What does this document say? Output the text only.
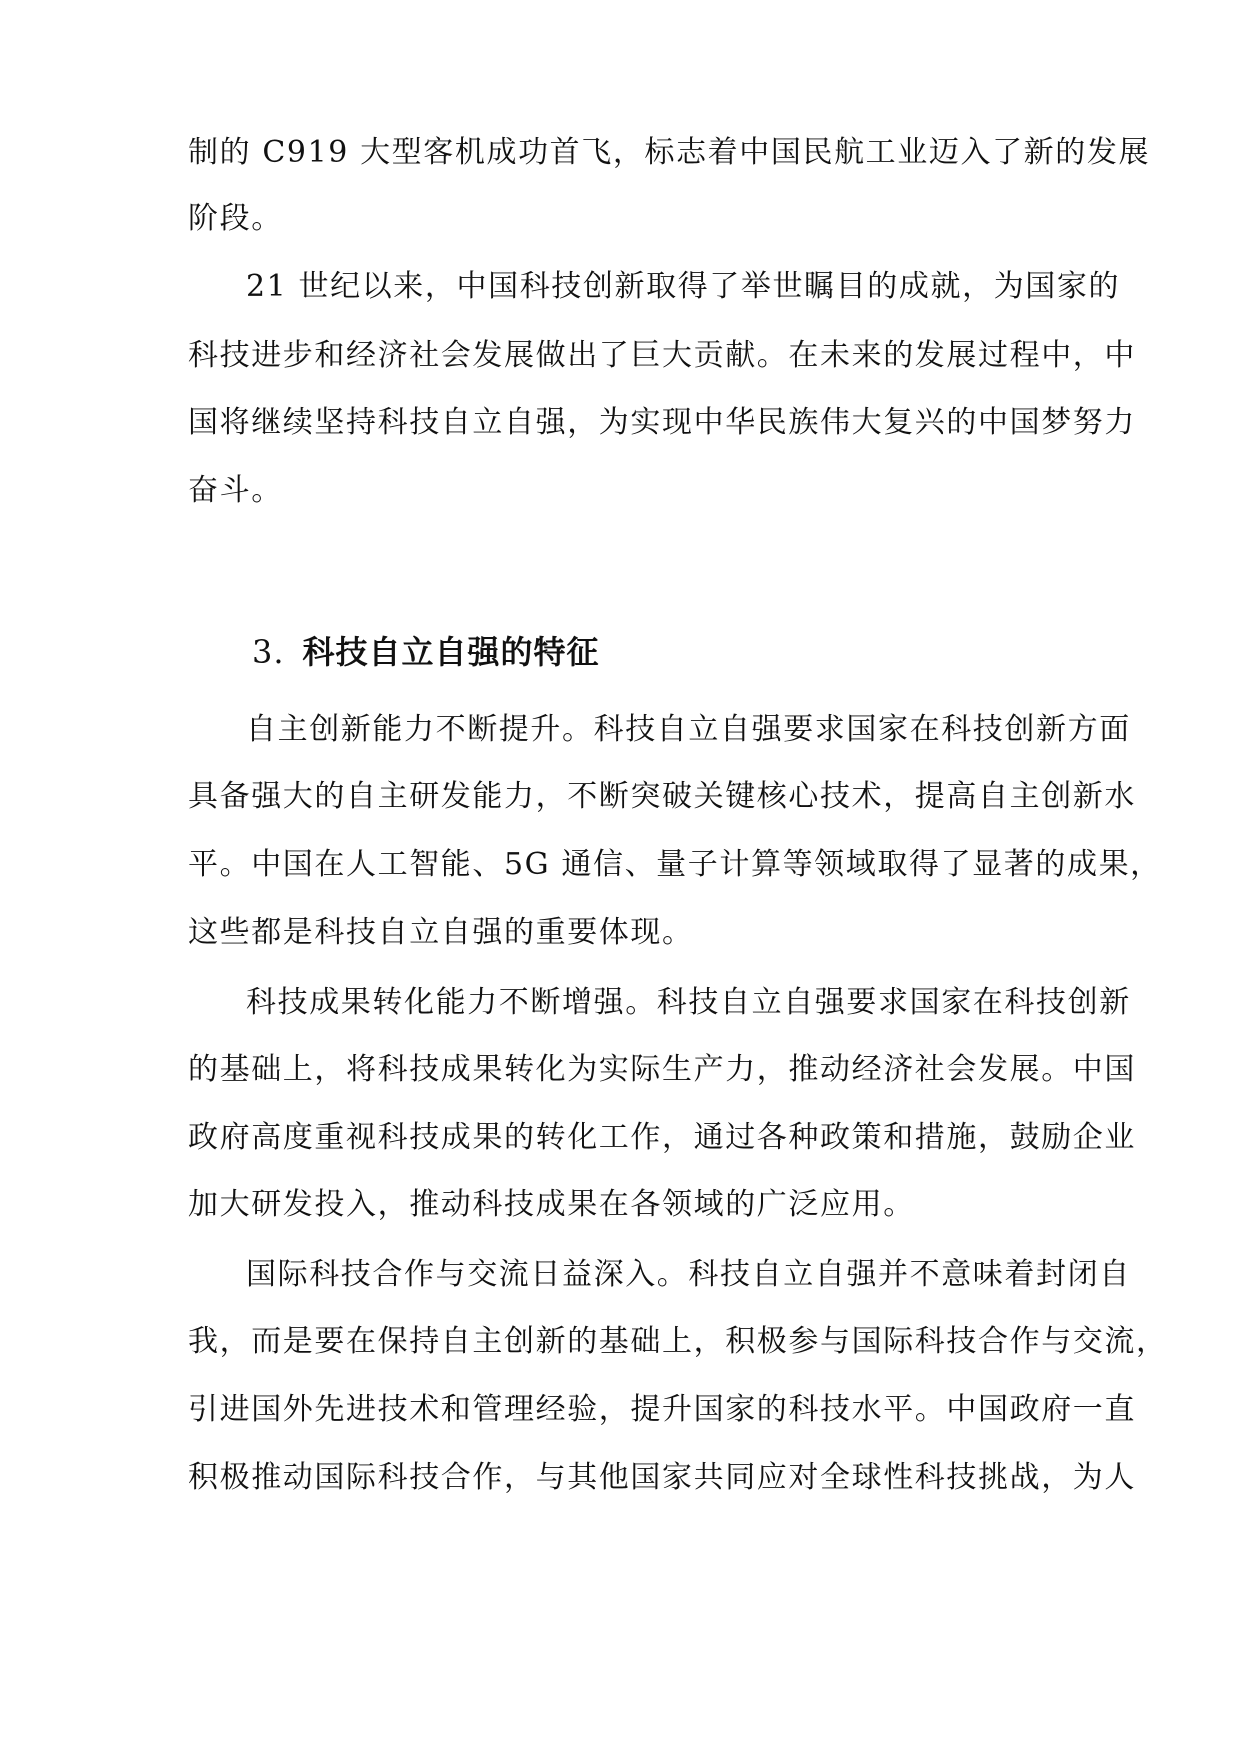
制的 C919 大型客机成功首飞，标志着中国民航工业迈入了新的发展
阶段。
21 世纪以来，中国科技创新取得了举世瞩目的成就，为国家的
科技进步和经济社会发展做出了巨大贡献。在未来的发展过程中，中
国将继续坚持科技自立自强，为实现中华民族伟大复兴的中国梦努力
奋斗。
3. 科技自立自强的特征
自主创新能力不断提升。科技自立自强要求国家在科技创新方面
具备强大的自主研发能力，不断突破关键核心技术，提高自主创新水
平。中国在人工智能、5G 通信、量子计算等领域取得了显著的成果，
这些都是科技自立自强的重要体现。
科技成果转化能力不断增强。科技自立自强要求国家在科技创新
的基础上，将科技成果转化为实际生产力，推动经济社会发展。中国
政府高度重视科技成果的转化工作，通过各种政策和措施，鼓励企业
加大研发投入，推动科技成果在各领域的广泛应用。
国际科技合作与交流日益深入。科技自立自强并不意味着封闭自
我，而是要在保持自主创新的基础上，积极参与国际科技合作与交流，
引进国外先进技术和管理经验，提升国家的科技水平。中国政府一直
积极推动国际科技合作，与其他国家共同应对全球性科技挑战，为人
